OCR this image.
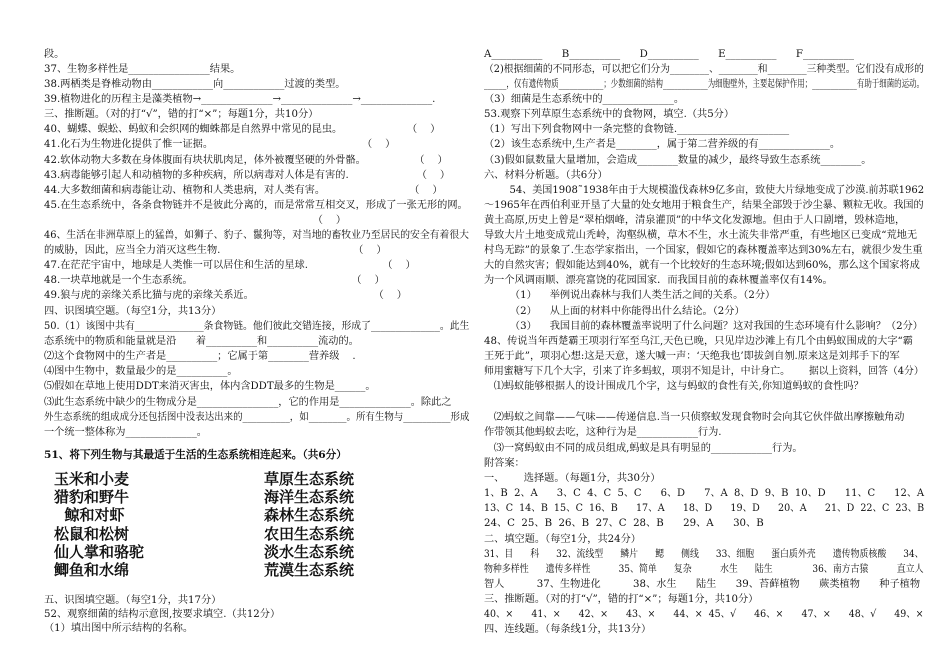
段。
37、生物多样性是________________结果。
38.两栖类是脊椎动物由____________向____________过渡的类型。
39.植物进化的历程主是藻类植物→______________→______________→______________.
三、推断题。（对的打“√”，错的打“×”；每题1分，共10分）
40、蝴蝶、蜈蚣、蚂蚁和会织网的蜘蛛都是自然界中常见的昆虫。                    （    ）
41.化石为生物进化提供了惟一证据。                                              （    ）
42.软体动物大多数在身体腹面有块状肌肉足，体外被覆坚硬的外骨骼。               （    ）
43.病毒能够引起人和动植物的多种疾病，所以病毒对人体是有害的.                     （    ）
44.大多数细菌和病毒能让动、植物和人类患病，对人类有害。                          （    ）
45.在生态系统中，各条食物链并不是彼此分离的，而是常常互相交叉，形成了一张无形的网。
（    ）
46、生活在非洲草原上的猛兽，如狮子、豹子、鬣狗等，对当地的畜牧业乃至居民的安全有着很大
的威胁，因此，应当全力消灭这些生物.                                         （    ）
47.在茫茫宇宙中，地球是人类惟一可以居住和生活的星球.                       （    ）
48.一块草地就是一个生态系统。                                                 （    ）
49.狼与虎的亲缘关系比猫与虎的亲缘关系近。                                     （    ）
四、识图填空题。（每空1分，共13分）
50.（1）该图中共有______________条食物链。他们彼此交错连接，形成了______________。此生
态系统中的物质和能量就是沿      着__________和__________流动的。
⑵这个食物网中的生产者是__________；它属于第________营养级    .
⑷图中生物中，数量最少的是__________。
⑸假如在草地上使用DDT来消灭害虫，体内含DDT最多的生物是______。
⑶此生态系统中缺少的生物成分是________________，它的作用是______________。除此之
外生态系统的组成成分还包括图中没表达出来的__________，如________。所有生物与__________形成
一个统一整体称为______________。
51、将下列生物与其最适于生活的生态系统相连起来。（共6分）
玉米和小麦	草原生态系统
猎豹和野牛	海洋生态系统
鲸和对虾	森林生态系统
松鼠和松树	农田生态系统
仙人掌和骆驼	淡水生态系统
鲫鱼和水绵	荒漠生态系统
五、识图填空题。（每空1分，共17分）
52、观察细菌的结构示意图,按要求填空.（共12分）
（1）填出图中所示结构的名称。
A__________      B__________      D__________      E__________      F__________
（2)根据细菌的不同形态，可以把它们分为________、________和________三种类型。它们没有成形的
______，仅有遗传物质____________；少数细菌的结构____________为细胞壁外，主要起保护作用；____________有助于细菌的运动。
（3）细菌是生态系统中的______________。
53.观察下列草原生态系统中的食物网，填空.（共5分）
（1）写出下列食物网中一条完整的食物链.______________________
（2）该生态系统中,生产者是________，属于第二营养级的有______________。
（3)假如鼠数量大量增加，会造成________数量的减少，最终导致生态系统________。
六、材料分析题。（共6分）
54、美国1908˜1938年由于大规模滥伐森林9亿多亩，致使大片绿地变成了沙漠.前苏联1962
～1965年在西伯利亚开垦了大量的处女地用于粮食生产，结果全部毁于沙尘暴、颗粒无收。我国的
黄土高原,历史上曾是“翠柏烟峰，清泉灌顶”的中华文化发源地。但由于人口剧增，毁林造地，
导致大片土地变成荒山秃岭，沟壑纵横，草木不生，水土流失非常严重，有些地区已变成“荒地无
村鸟无踪”的景象了.生态学家指出，一个国家，假如它的森林覆盖率达到30%左右，就很少发生重
大的自然灾害；假如能达到40%，就有一个比较好的生态环境;假如达到60%，那么这个国家将成
为一个风调雨顺、漂亮富饶的花园国家．而我国目前的森林覆盖率仅有14%。
（1）    举例说出森林与我们人类生活之间的关系。（2分）
（2）    从上面的材料中你能得出什么结论。（2分）
（3）    我国目前的森林覆盖率说明了什么问题？这对我国的生态环境有什么影响？（2分）
48、传说当年西楚霸王项羽行军至乌江,天色已晚，只见岸边沙滩上有几个由蚂蚁围成的大字“霸
王死于此”，项羽心想:这是天意，遂大喊一声：‘天绝我也’即拔剑自刎.原来这是刘邦手下的军
师用蜜糖写下几个大字，引来了许多蚂蚁，项羽不知是计，中计身亡。      据以上资料，回答（4分）
⑴蚂蚁能够根据人的设计围成几个字，这与蚂蚁的食性有关,你知道蚂蚁的食性吗？
⑵蚂蚁之间靠——气味——传递信息.当一只侦察蚁发现食物时会向其它伙伴做出摩擦触角动
作带领其他蚂蚁去吃，这种行为是____________行为.
⑶一窝蚂蚁由不同的成员组成,蚂蚁是具有明显的____________行为。
附答案：
一、      选择题。（每题1分，共30分）
1、B  2、A      3、C  4、C  5、C      6、D      7、A  8、D  9、B  10、D      11、C      12、A
13、C  14、B  15、C  16、B      17、A      18、D      19、D      20、A      21、D  22、C  23、B
24、C  25、B  26、B  27、C  28、B      29、A      30、B
二、填空题。（每空1分，共24分）
31、目      科      32、流线型      鳞片      鳃      侧线      33、细胞      蛋白质外壳      遗传物质核酸      34、
物种多样性      遗传多样性          35、简单      复杂          水生      陆生              36、南方古猿          直立人
智人          37、生物进化          38、水生      陆生      39、苔藓植物      蕨类植物      种子植物
三、推断题。（对的打“√”，错的打“×”；每题1分，共10分）
40、×      41、×      42、×      43、×      44、×  45、√      46、×      47、×      48、√      49、×
四、连线题。（每条线1分，共13分）
